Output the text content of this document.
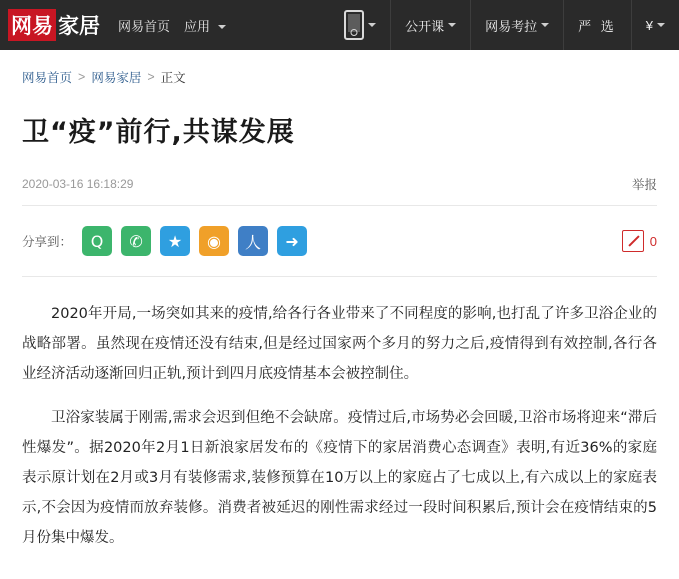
网易 家居 网易首页 应用	公开课	网易考拉	严 选 ¥
网易首页 > 网易家居 > 正文
卫“疫”前行,共谋发展
2020-03-16 16:18:29	举报
分享到：	Q	✆	★	◉	人	➜	0

2020年开局,一场突如其来的疫情,给各行各业带来了不同程度的影响,也打乱了许多卫浴企业的战略部署。虽然现在疫情还没有结束,但是经过国家两个多月的努力之后,疫情得到有效控制,各行各业经济活动逐渐回归正轨,预计到四月底疫情基本会被控制住。

卫浴家装属于刚需,需求会迟到但绝不会缺席。疫情过后,市场势必会回暖,卫浴市场将迎来“滞后性爆发”。据2020年2月1日新浪家居发布的《疫情下的家居消费心态调查》表明,有近36%的家庭表示原计划在2月或3月有装修需求,装修预算在10万以上的家庭占了七成以上,有六成以上的家庭表示,不会因为疫情而放弃装修。消费者被延迟的刚性需求经过一段时间积累后,预计会在疫情结束的5月份集中爆发。
